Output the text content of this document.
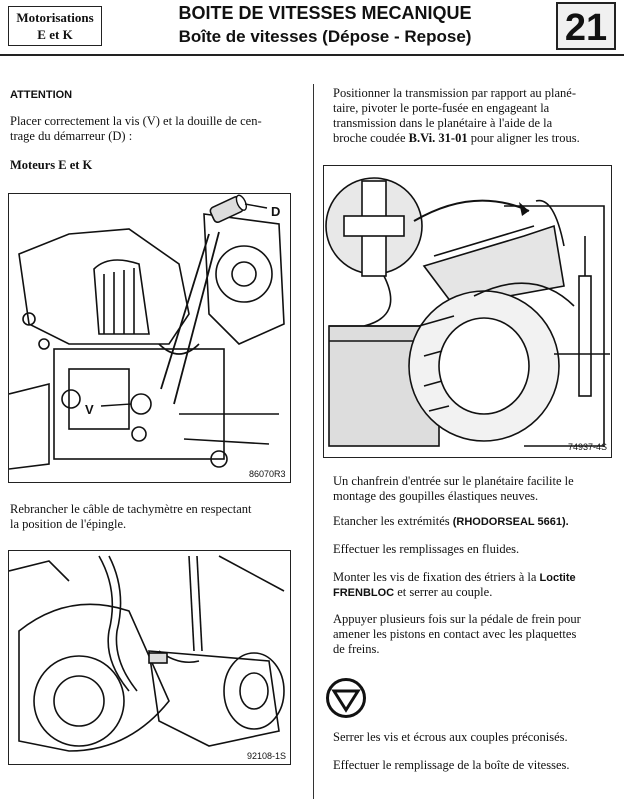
Motorisations
E et K
BOITE DE VITESSES MECANIQUE
Boîte de vitesses (Dépose - Repose)	21
ATTENTION
Placer correctement la vis (V) et la douille de cen-
trage du démarreur (D) :
Moteurs E et K
D
V
86070R3
Rebrancher le câble de tachymètre en respectant
la position de l'épingle.
92108-1S
Positionner la transmission par rapport au plané-
taire, pivoter le porte-fusée en engageant la
transmission dans le planétaire à l'aide de la
broche coudée B.Vi. 31-01 pour aligner les trous.
74937-4S
Un chanfrein d'entrée sur le planétaire facilite le
montage des goupilles élastiques neuves.
Etancher les extrémités (RHODORSEAL 5661).
Effectuer les remplissages en fluides.
Monter les vis de fixation des étriers à la Loctite
FRENBLOC et serrer au couple.
Appuyer plusieurs fois sur la pédale de frein pour
amener les pistons en contact avec les plaquettes
de freins.
Serrer les vis et écrous aux couples préconisés.
Effectuer le remplissage de la boîte de vitesses.
